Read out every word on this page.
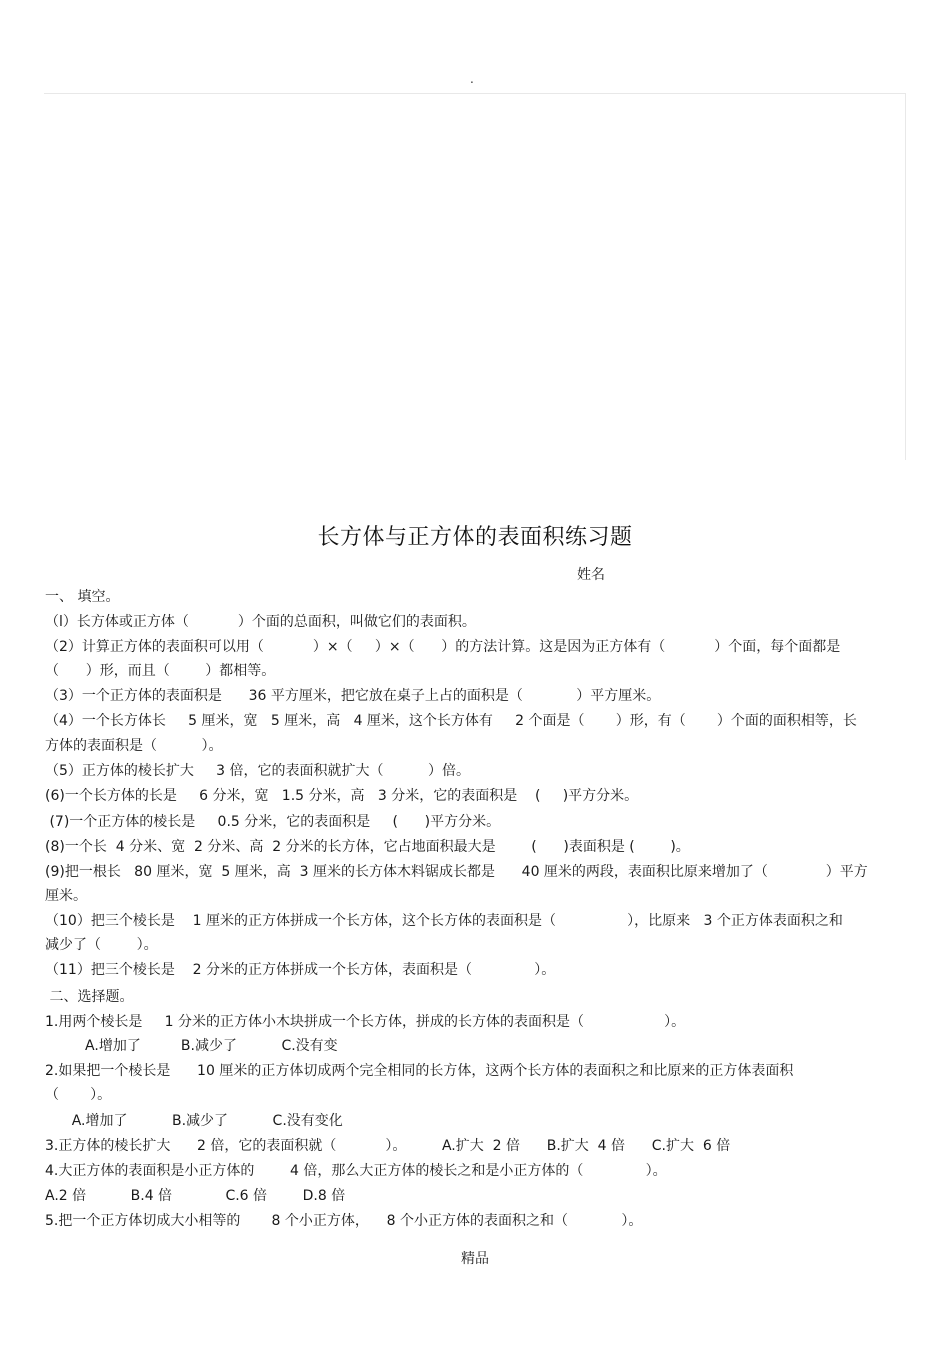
.
长方体与正方体的表面积练习题
姓名
一、 填空。
（l）长方体或正方体（           ）个面的总面积，叫做它们的表面积。
（2）计算正方体的表面积可以用（           ）×（     ）×（      ）的方法计算。这是因为正方体有（           ）个面，每个面都是
（      ）形，而且（        ）都相等。
（3）一个正方体的表面积是      36 平方厘米，把它放在桌子上占的面积是（            ）平方厘米。
（4）一个长方体长     5 厘米，宽   5 厘米，高   4 厘米，这个长方体有     2 个面是（       ）形，有（       ）个面的面积相等，长
方体的表面积是（          ）。
（5）正方体的棱长扩大     3 倍，它的表面积就扩大（          ）倍。
(6)一个长方体的长是     6 分米，宽   1.5 分米，高   3 分米，它的表面积是    (     )平方分米。
(7)一个正方体的棱长是     0.5 分米，它的表面积是     (      )平方分米。
(8)一个长  4 分米、宽  2 分米、高  2 分米的长方体，它占地面积最大是        (      )表面积是 (        )。
(9)把一根长   80 厘米，宽  5 厘米，高  3 厘米的长方体木料锯成长都是      40 厘米的两段，表面积比原来增加了（             ）平方
厘米。
（10）把三个棱长是    1 厘米的正方体拼成一个长方体，这个长方体的表面积是（                ），比原来   3 个正方体表面积之和
减少了（        ）。
（11）把三个棱长是    2 分米的正方体拼成一个长方体，表面积是（              ）。
二、选择题。
1.用两个棱长是     1 分米的正方体小木块拼成一个长方体，拼成的长方体的表面积是（                  ）。
A.增加了         B.减少了          C.没有变
2.如果把一个棱长是      10 厘米的正方体切成两个完全相同的长方体，这两个长方体的表面积之和比原来的正方体表面积
（       ）。
A.增加了          B.减少了          C.没有变化
3.正方体的棱长扩大      2 倍，它的表面积就（           ）。        A.扩大  2 倍      B.扩大  4 倍      C.扩大  6 倍
4.大正方体的表面积是小正方体的        4 倍，那么大正方体的棱长之和是小正方体的（              ）。
A.2 倍          B.4 倍            C.6 倍        D.8 倍
5.把一个正方体切成大小相等的       8 个小正方体，    8 个小正方体的表面积之和（            ）。
精品
